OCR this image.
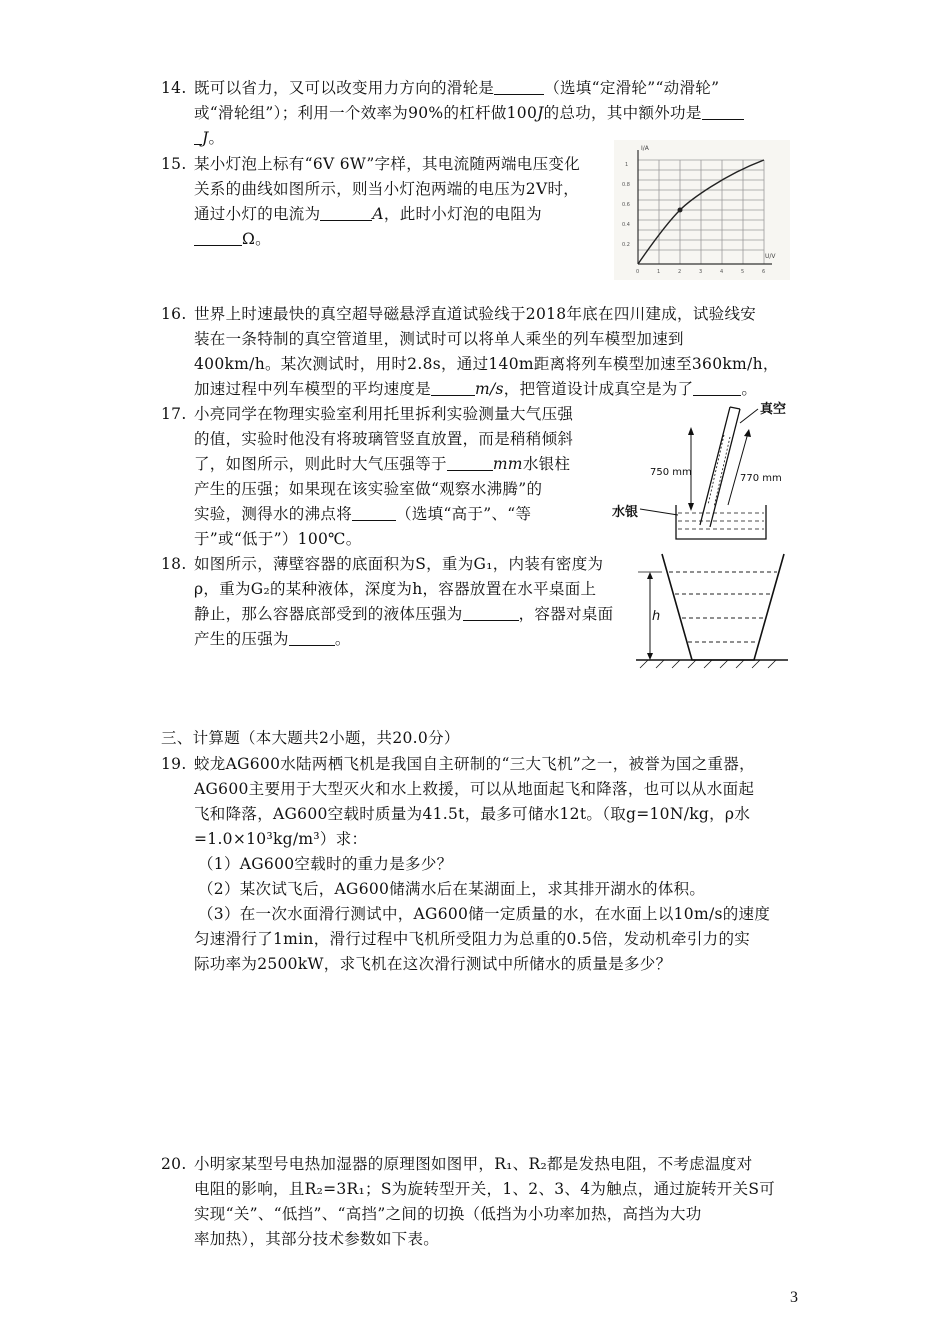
14. 既可以省力，又可以改变用力方向的滑轮是	（选填“定滑轮”“动滑轮”
或“滑轮组”）；利用一个效率为90%的杠杆做100J的总功，其中额外功是
J。
15. 某小灯泡上标有“6V 6W”字样，其电流随两端电压变化
关系的曲线如图所示，则当小灯泡两端的电压为2V时，
通过小灯的电流为	A，此时小灯泡的电阻为
Ω。
I/A
U/V
0.2
0.4
0.6
0.8
1
0	1	2	3	4	5	6
16. 世界上时速最快的真空超导磁悬浮直道试验线于2018年底在四川建成，试验线安
装在一条特制的真空管道里，测试时可以将单人乘坐的列车模型加速到
400km/h。某次测试时，用时2.8s，通过140m距离将列车模型加速至360km/h，
加速过程中列车模型的平均速度是	m/s，把管道设计成真空是为了	。
17. 小亮同学在物理实验室利用托里拆利实验测量大气压强
的值，实验时他没有将玻璃管竖直放置，而是稍稍倾斜
了，如图所示，则此时大气压强等于	mm水银柱
产生的压强；如果现在该实验室做“观察水沸腾”的
实验，测得水的沸点将	（选填“高于”、“等
于”或“低于”）100℃。
真空
水银
750 mm
770 mm
18. 如图所示，薄壁容器的底面积为S，重为G₁，内装有密度为
ρ，重为G₂的某种液体，深度为h，容器放置在水平桌面上
静止，那么容器底部受到的液体压强为	，容器对桌面
产生的压强为	。
h
三、计算题（本大题共2小题，共20.0分）
19. 蛟龙AG600水陆两栖飞机是我国自主研制的“三大飞机”之一，被誉为国之重器，
AG600主要用于大型灭火和水上救援，可以从地面起飞和降落，也可以从水面起
飞和降落，AG600空载时质量为41.5t，最多可储水12t。（取g=10N/kg，ρ水
=1.0×10³kg/m³）求：
（1）AG600空载时的重力是多少？
（2）某次试飞后，AG600储满水后在某湖面上，求其排开湖水的体积。
（3）在一次水面滑行测试中，AG600储一定质量的水，在水面上以10m/s的速度
匀速滑行了1min，滑行过程中飞机所受阻力为总重的0.5倍，发动机牵引力的实
际功率为2500kW，求飞机在这次滑行测试中所储水的质量是多少？
20. 小明家某型号电热加湿器的原理图如图甲，R₁、R₂都是发热电阻，不考虑温度对
电阻的影响，且R₂=3R₁；S为旋转型开关，1、2、3、4为触点，通过旋转开关S可
实现“关”、“低挡”、“高挡”之间的切换（低挡为小功率加热，高挡为大功
率加热），其部分技术参数如下表。
3
